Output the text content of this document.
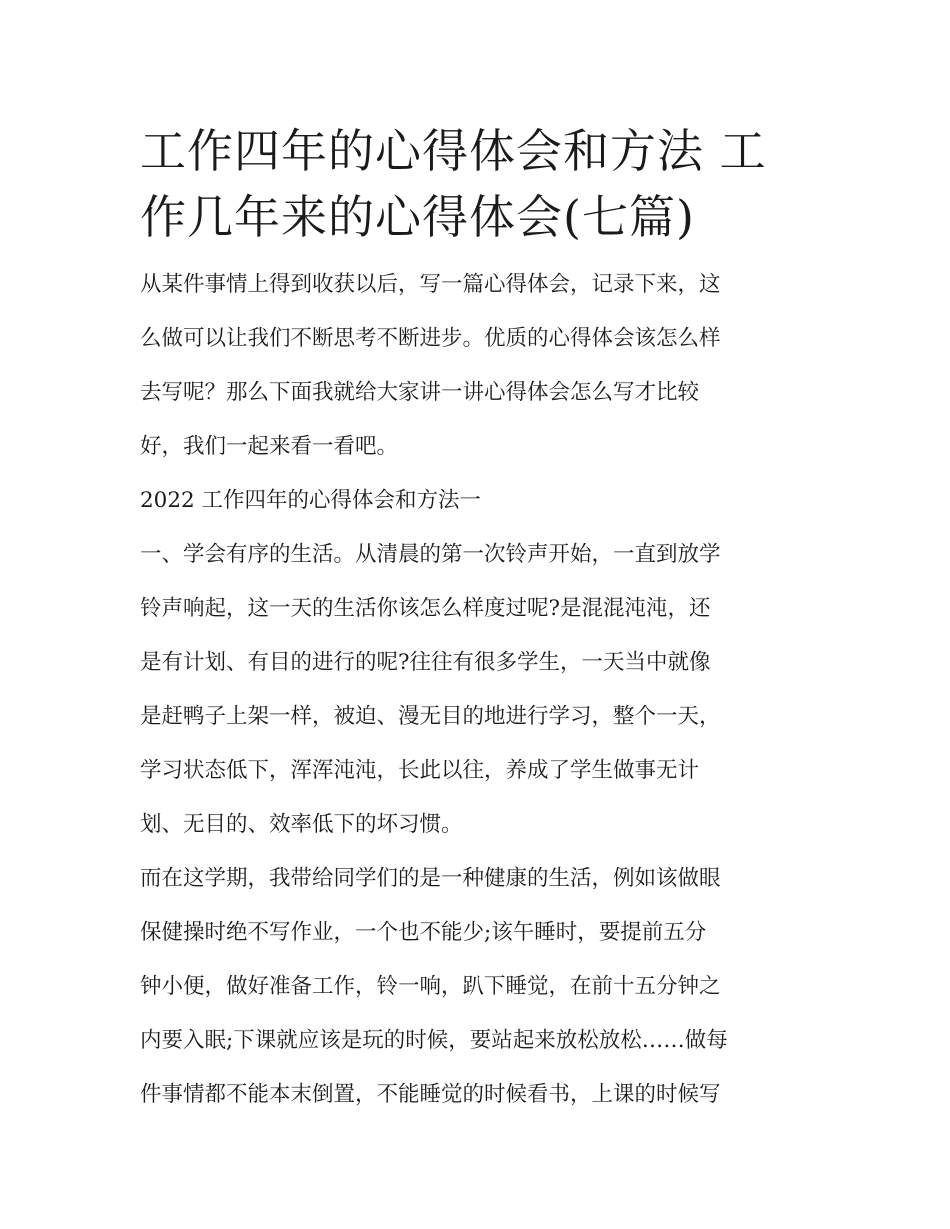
工作四年的心得体会和方法 工
作几年来的心得体会(七篇)

从某件事情上得到收获以后，写一篇心得体会，记录下来，这
么做可以让我们不断思考不断进步。优质的心得体会该怎么样
去写呢？那么下面我就给大家讲一讲心得体会怎么写才比较
好，我们一起来看一看吧。

2022 工作四年的心得体会和方法一

一、学会有序的生活。从清晨的第一次铃声开始，一直到放学
铃声响起，这一天的生活你该怎么样度过呢?是混混沌沌，还
是有计划、有目的进行的呢?往往有很多学生，一天当中就像
是赶鸭子上架一样，被迫、漫无目的地进行学习，整个一天，
学习状态低下，浑浑沌沌，长此以往，养成了学生做事无计
划、无目的、效率低下的坏习惯。

而在这学期，我带给同学们的是一种健康的生活，例如该做眼
保健操时绝不写作业，一个也不能少;该午睡时，要提前五分
钟小便，做好准备工作，铃一响，趴下睡觉，在前十五分钟之
内要入眠;下课就应该是玩的时候，要站起来放松放松……做每
件事情都不能本末倒置，不能睡觉的时候看书，上课的时候写
